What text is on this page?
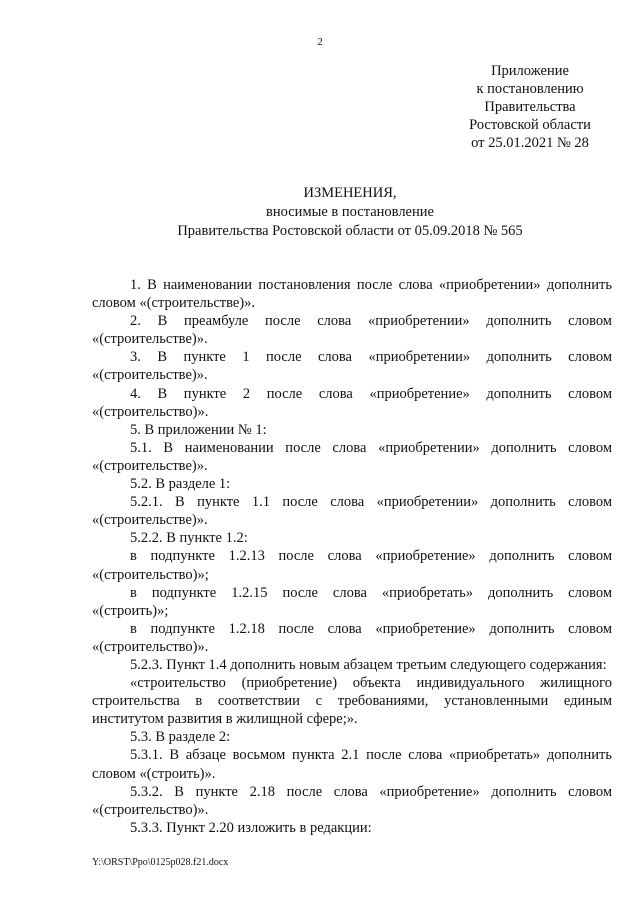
2
Приложение
к постановлению
Правительства
Ростовской области
от 25.01.2021 № 28
ИЗМЕНЕНИЯ,
вносимые в постановление
Правительства Ростовской области от 05.09.2018 № 565

1. В наименовании постановления после слова «приобретении» дополнить словом «(строительстве)».

2. В преамбуле после слова «приобретении» дополнить словом «(строительстве)».

3. В пункте 1 после слова «приобретении» дополнить словом «(строительстве)».

4. В пункте 2 после слова «приобретение» дополнить словом «(строительство)».

5. В приложении № 1:

5.1. В наименовании после слова «приобретении» дополнить словом «(строительстве)».

5.2. В разделе 1:

5.2.1. В пункте 1.1 после слова «приобретении» дополнить словом «(строительстве)».

5.2.2. В пункте 1.2:

в подпункте 1.2.13 после слова «приобретение» дополнить словом «(строительство)»;

в подпункте 1.2.15 после слова «приобретать» дополнить словом «(строить)»;

в подпункте 1.2.18 после слова «приобретение» дополнить словом «(строительство)».

5.2.3. Пункт 1.4 дополнить новым абзацем третьим следующего содержания:

«строительство (приобретение) объекта индивидуального жилищного строительства в соответствии с требованиями, установленными единым институтом развития в жилищной сфере;».

5.3. В разделе 2:

5.3.1. В абзаце восьмом пункта 2.1 после слова «приобретать» дополнить словом «(строить)».

5.3.2. В пункте 2.18 после слова «приобретение» дополнить словом «(строительство)».

5.3.3. Пункт 2.20 изложить в редакции:

Y:\ORST\Ppo\0125p028.f21.docx
